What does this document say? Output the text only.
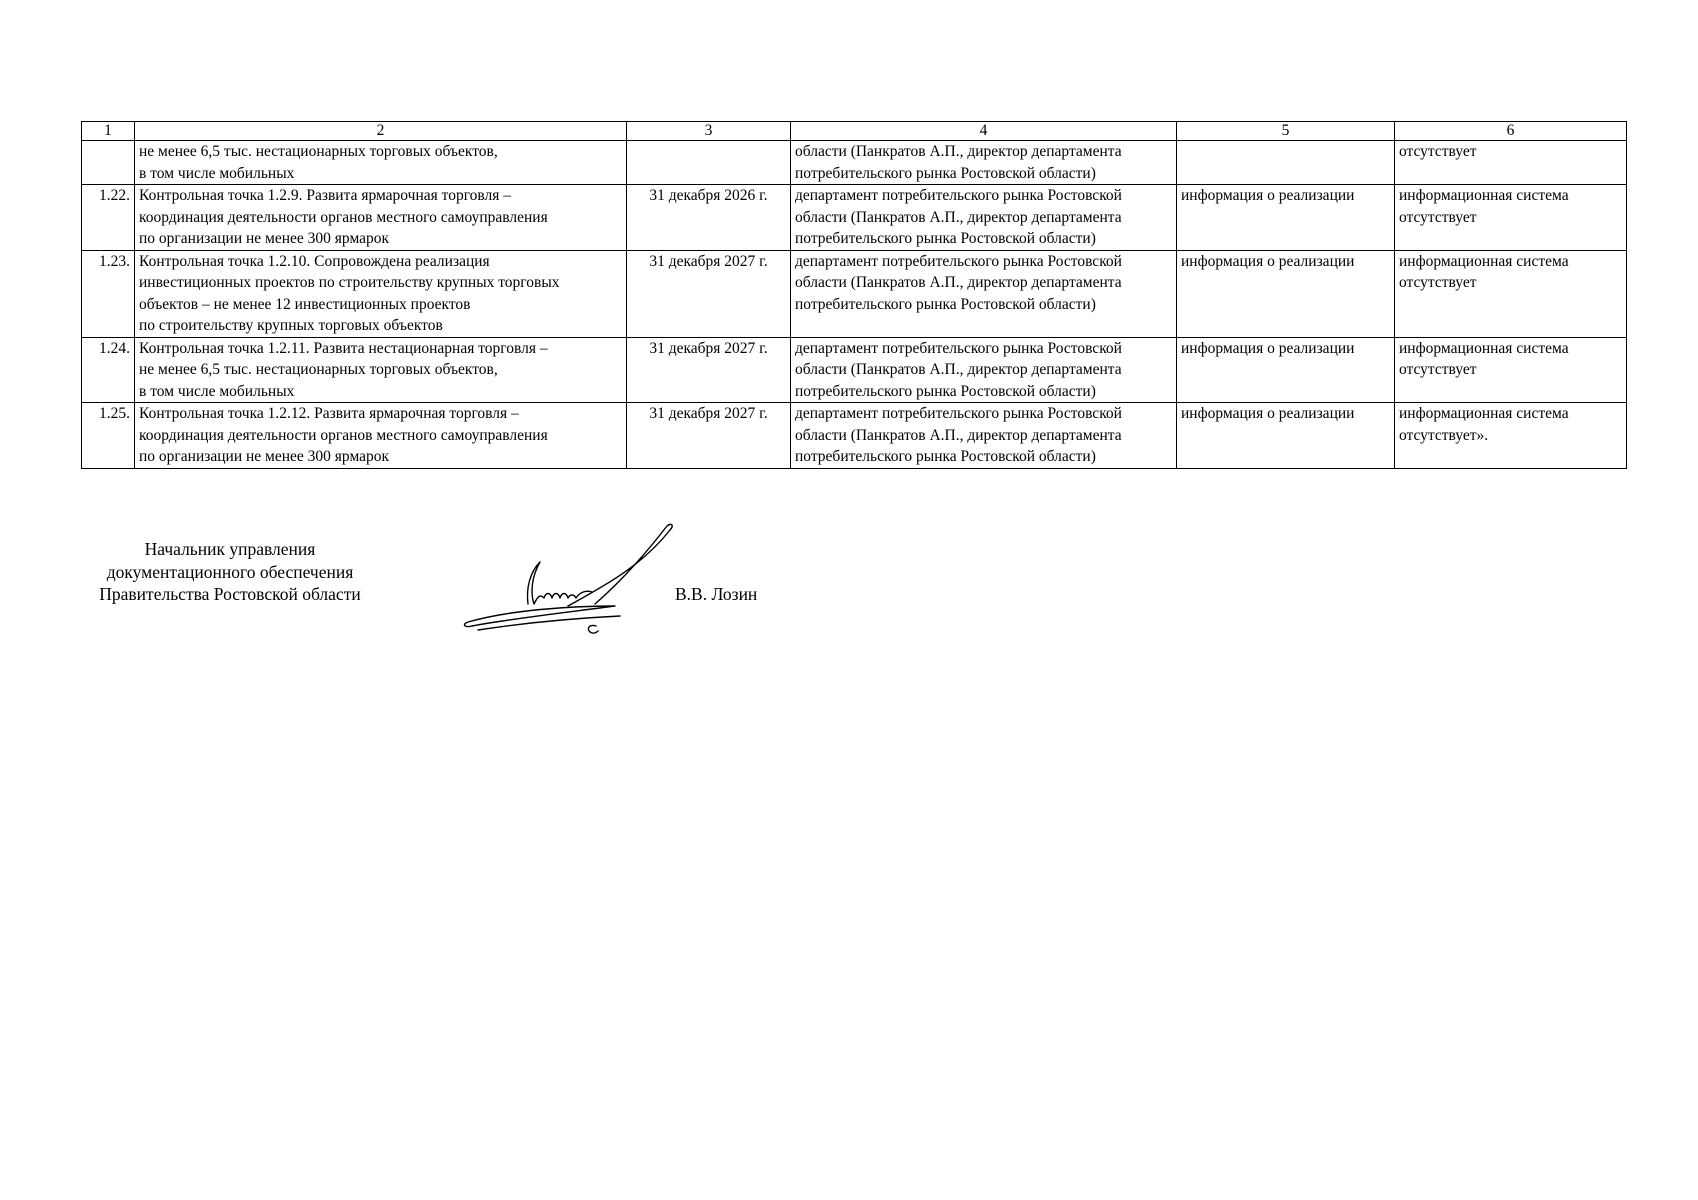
1	2	3	4	5	6

	не менее 6,5 тыс. нестационарных торговых объектов,
в том числе мобильных		области (Панкратов А.П., директор департамента
потребительского рынка Ростовской области)		отсутствует

1.22.	Контрольная точка 1.2.9. Развита ярмарочная торговля –
координация деятельности органов местного самоуправления
по организации не менее 300 ярмарок	31 декабря 2026 г.	департамент потребительского рынка Ростовской
области (Панкратов А.П., директор департамента
потребительского рынка Ростовской области)	информация о реализации	информационная система
отсутствует

1.23.	Контрольная точка 1.2.10. Сопровождена реализация
инвестиционных проектов по строительству крупных торговых
объектов – не менее 12 инвестиционных проектов
по строительству крупных торговых объектов	31 декабря 2027 г.	департамент потребительского рынка Ростовской
области (Панкратов А.П., директор департамента
потребительского рынка Ростовской области)	информация о реализации	информационная система
отсутствует

1.24.	Контрольная точка 1.2.11. Развита нестационарная торговля –
не менее 6,5 тыс. нестационарных торговых объектов,
в том числе мобильных	31 декабря 2027 г.	департамент потребительского рынка Ростовской
области (Панкратов А.П., директор департамента
потребительского рынка Ростовской области)	информация о реализации	информационная система
отсутствует

1.25.	Контрольная точка 1.2.12. Развита ярмарочная торговля –
координация деятельности органов местного самоуправления
по организации не менее 300 ярмарок	31 декабря 2027 г.	департамент потребительского рынка Ростовской
области (Панкратов А.П., директор департамента
потребительского рынка Ростовской области)	информация о реализации	информационная система
отсутствует».
Начальник управления
документационного обеспечения
Правительства Ростовской области	В.В. Лозин
